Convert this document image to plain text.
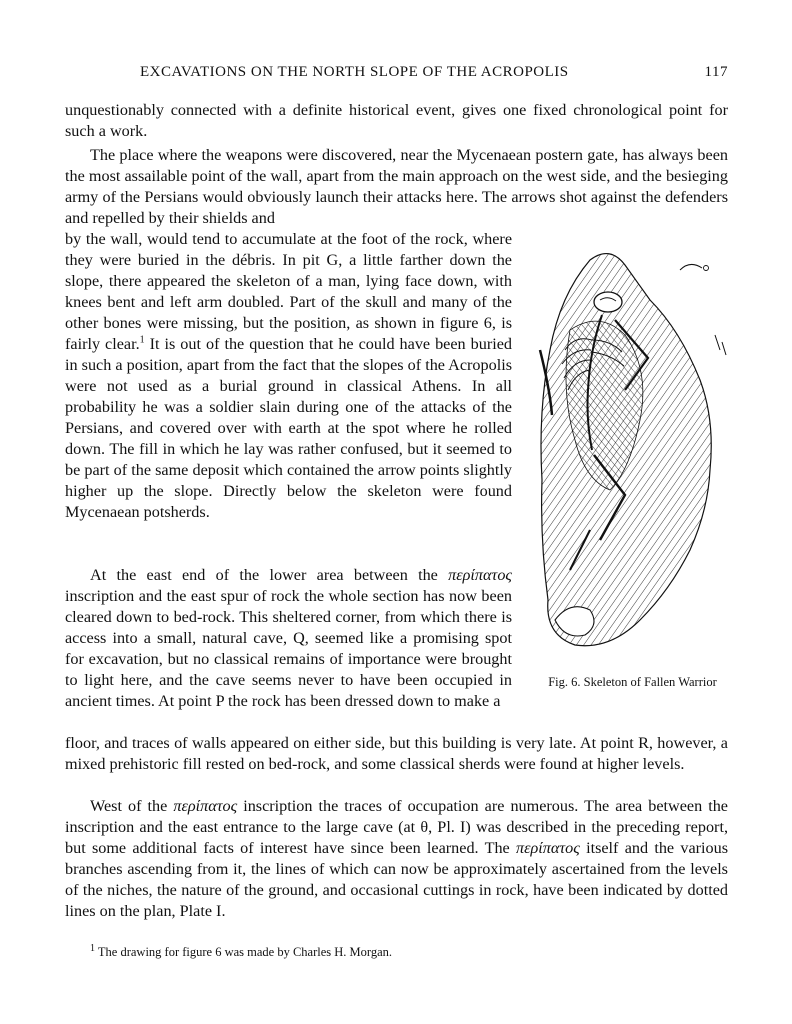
EXCAVATIONS ON THE NORTH SLOPE OF THE ACROPOLIS	117

unquestionably connected with a definite historical event, gives one fixed chronological point for such a work.

The place where the weapons were discovered, near the Mycenaean postern gate, has always been the most assailable point of the wall, apart from the main approach on the west side, and the besieging army of the Persians would obviously launch their attacks here. The arrows shot against the defenders and repelled by their shields and

by the wall, would tend to accumulate at the foot of the rock, where they were buried in the débris. In pit G, a little farther down the slope, there appeared the skeleton of a man, lying face down, with knees bent and left arm doubled. Part of the skull and many of the other bones were missing, but the position, as shown in figure 6, is fairly clear.$^1$ It is out of the question that he could have been buried in such a position, apart from the fact that the slopes of the Acropolis were not used as a burial ground in classical Athens. In all probability he was a soldier slain during one of the attacks of the Persians, and covered over with earth at the spot where he rolled down. The fill in which he lay was rather confused, but it seemed to be part of the same deposit which contained the arrow points slightly higher up the slope. Directly below the skeleton were found Mycenaean potsherds.

At the east end of the lower area between the περίπατος inscription and the east spur of rock the whole section has now been cleared down to bed-rock. This sheltered corner, from which there is access into a small, natural cave, Q, seemed like a promising spot for excavation, but no classical remains of importance were brought to light here, and the cave seems never to have been occupied in ancient times. At point P the rock has been dressed down to make a

floor, and traces of walls appeared on either side, but this building is very late. At point R, however, a mixed prehistoric fill rested on bed-rock, and some classical sherds were found at higher levels.

West of the περίπατος inscription the traces of occupation are numerous. The area between the inscription and the east entrance to the large cave (at θ, Pl. I) was described in the preceding report, but some additional facts of interest have since been learned. The περίπατος itself and the various branches ascending from it, the lines of which can now be approximately ascertained from the levels of the niches, the nature of the ground, and occasional cuttings in rock, have been indicated by dotted lines on the plan, Plate I.

Fig. 6. Skeleton of Fallen Warrior
$^1$ The drawing for figure 6 was made by Charles H. Morgan.
